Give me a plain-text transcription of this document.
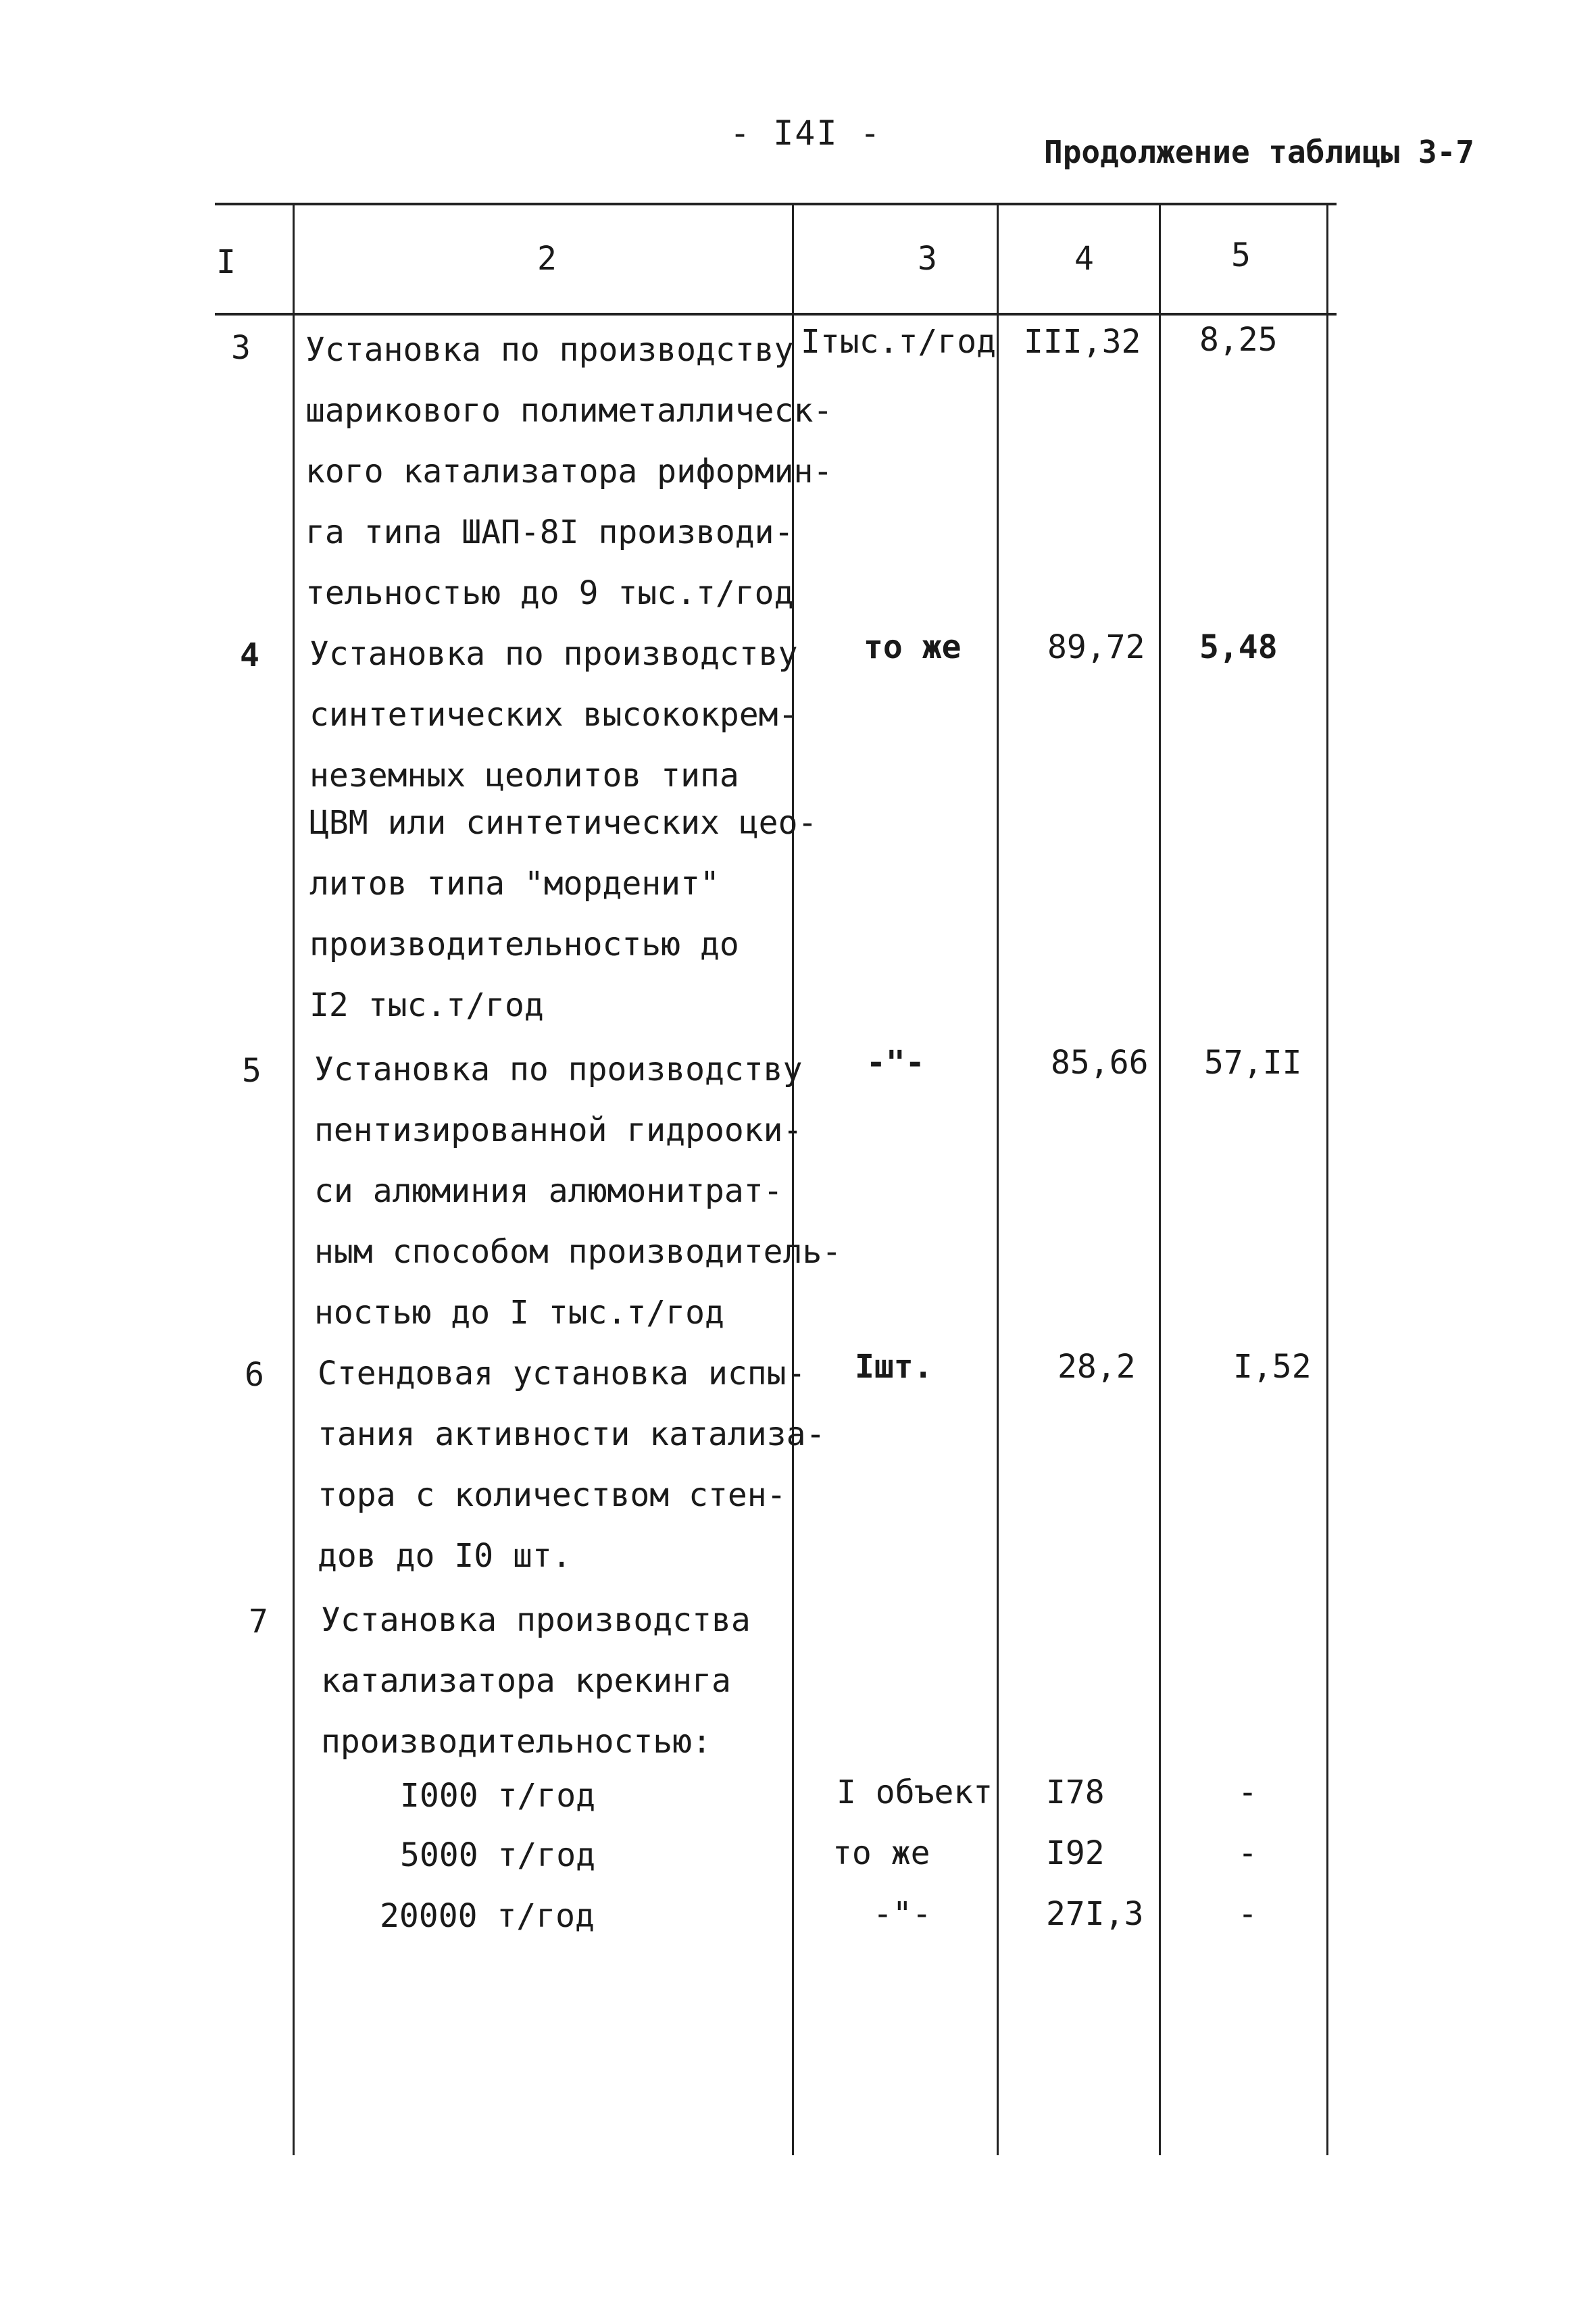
- I4I -	Продолжение таблицы 3-7
I	2	3	4	5
3 Установка по производству
шарикового полиметаллическ-
кого катализатора риформин-
га типа ШАП-8I производи-
тельностью до 9 тыс.т/год
Iтыс.т/год III,32 8,25
4 Установка по производству
синтетических высококрем-
неземных цеолитов типа
ЦВМ или синтетических цео-
литов типа "морденит"
производительностью до
I2 тыс.т/год
то же	89,72 5,48
5 Установка по производству
пентизированной гидрооки-
си алюминия алюмонитрат-
ным способом производитель-
ностью до I тыс.т/год
-"-	85,66 57,II
6 Стендовая установка испы-
тания активности катализа-
тора с количеством стен-
дов до I0 шт.
Iшт.	28,2	I,52
7 Установка производства
катализатора крекинга
производительностью:
I000 т/год	I объект I78	-
5000 т/год	то же	I92	-
20000 т/год	-"-	27I,3	-
